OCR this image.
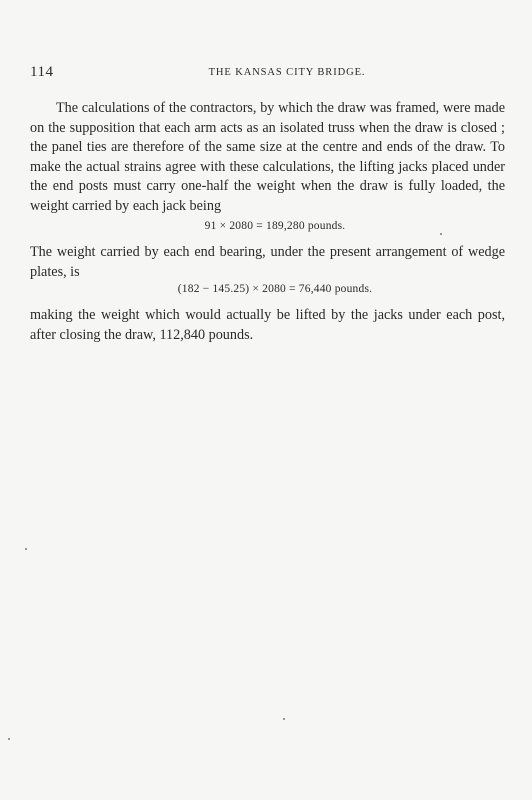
114	THE KANSAS CITY BRIDGE.

The calculations of the contractors, by which the draw was framed, were made on the supposition that each arm acts as an isolated truss when the draw is closed ; the panel ties are therefore of the same size at the centre and ends of the draw. To make the actual strains agree with these calculations, the lifting jacks placed under the end posts must carry one-half the weight when the draw is fully loaded, the weight carried by each jack being

91 × 2080 = 189,280 pounds.

The weight carried by each end bearing, under the present arrangement of wedge plates, is

(182 − 145.25) × 2080 = 76,440 pounds.

making the weight which would actually be lifted by the jacks under each post, after closing the draw, 112,840 pounds.
